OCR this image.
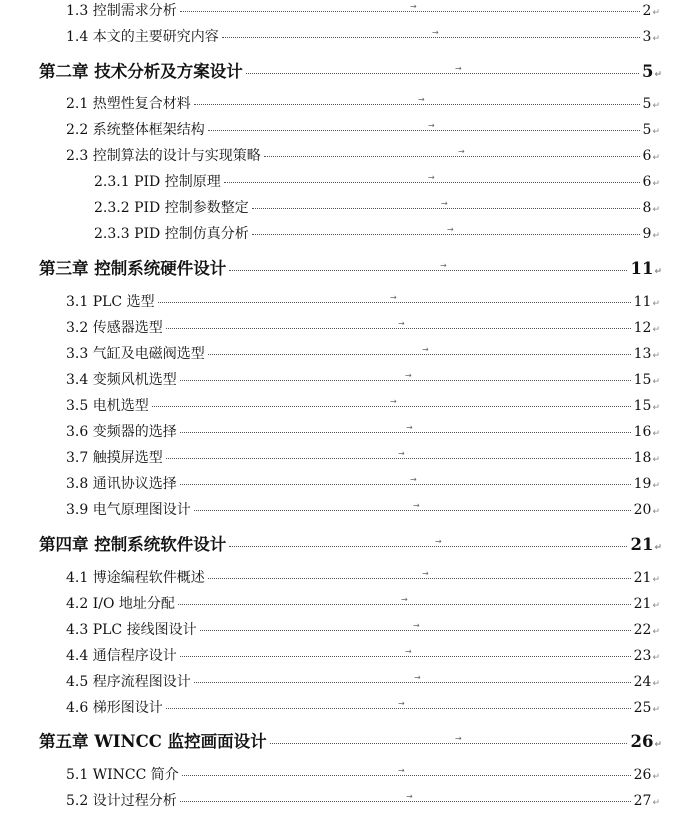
1.3 控制需求分析	2 ↵
→
1.4 本文的主要研究内容	3 ↵
→
第二章 技术分析及方案设计	5 ↵
→
2.1 热塑性复合材料	5 ↵
→
2.2 系统整体框架结构	5 ↵
→
2.3 控制算法的设计与实现策略	6 ↵
→
2.3.1 PID 控制原理	6 ↵
→
2.3.2 PID 控制参数整定	8 ↵
→
2.3.3 PID 控制仿真分析	9 ↵
→
第三章 控制系统硬件设计	11 ↵
→
3.1 PLC 选型	11 ↵
→
3.2 传感器选型	12 ↵
→
3.3 气缸及电磁阀选型	13 ↵
→
3.4 变频风机选型	15 ↵
→
3.5 电机选型	15 ↵
→
3.6 变频器的选择	16 ↵
→
3.7 触摸屏选型	18 ↵
→
3.8 通讯协议选择	19 ↵
→
3.9 电气原理图设计	20 ↵
→
第四章 控制系统软件设计	21 ↵
→
4.1 博途编程软件概述	21 ↵
→
4.2 I/O 地址分配	21 ↵
→
4.3 PLC 接线图设计	22 ↵
→
4.4 通信程序设计	23 ↵
→
4.5 程序流程图设计	24 ↵
→
4.6 梯形图设计	25 ↵
→
第五章 WINCC 监控画面设计	26 ↵
→
5.1 WINCC 简介	26 ↵
→
5.2 设计过程分析	27 ↵
→
